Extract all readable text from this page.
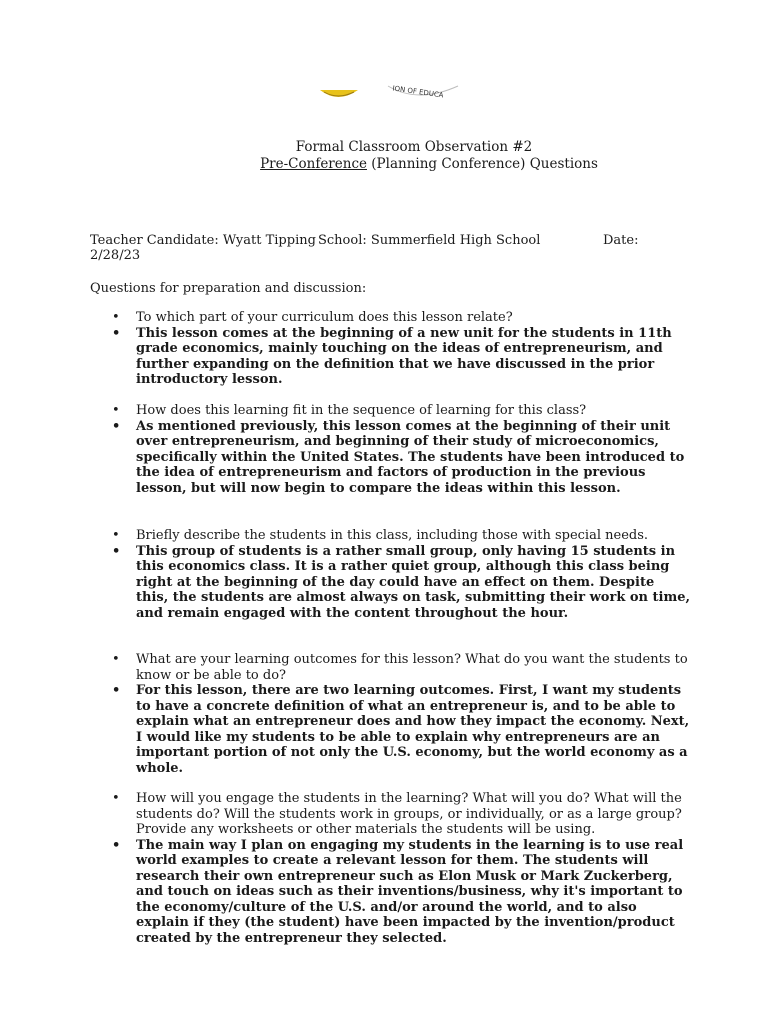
ION OF EDUCA
Formal Classroom Observation #2
Pre-Conference (Planning Conference) Questions
Teacher Candidate: Wyatt Tipping School: Summerfield High School	Date:
2/28/23
Questions for preparation and discussion:
• To which part of your curriculum does this lesson relate?
• This lesson comes at the beginning of a new unit for the students in 11th grade economics, mainly touching on the ideas of entrepreneurism, and further expanding on the definition that we have discussed in the prior introductory lesson.
• How does this learning fit in the sequence of learning for this class?
• As mentioned previously, this lesson comes at the beginning of their unit over entrepreneurism, and beginning of their study of microeconomics, specifically within the United States. The students have been introduced to the idea of entrepreneurism and factors of production in the previous lesson, but will now begin to compare the ideas within this lesson.
• Briefly describe the students in this class, including those with special needs.
• This group of students is a rather small group, only having 15 students in this economics class. It is a rather quiet group, although this class being right at the beginning of the day could have an effect on them. Despite this, the students are almost always on task, submitting their work on time, and remain engaged with the content throughout the hour.
• What are your learning outcomes for this lesson? What do you want the students to know or be able to do?
• For this lesson, there are two learning outcomes. First, I want my students to have a concrete definition of what an entrepreneur is, and to be able to explain what an entrepreneur does and how they impact the economy. Next, I would like my students to be able to explain why entrepreneurs are an important portion of not only the U.S. economy, but the world economy as a whole.
• How will you engage the students in the learning? What will you do? What will the students do? Will the students work in groups, or individually, or as a large group? Provide any worksheets or other materials the students will be using.
• The main way I plan on engaging my students in the learning is to use real world examples to create a relevant lesson for them. The students will research their own entrepreneur such as Elon Musk or Mark Zuckerberg, and touch on ideas such as their inventions/business, why it's important to the economy/culture of the U.S. and/or around the world, and to also explain if they (the student) have been impacted by the invention/product created by the entrepreneur they selected.
